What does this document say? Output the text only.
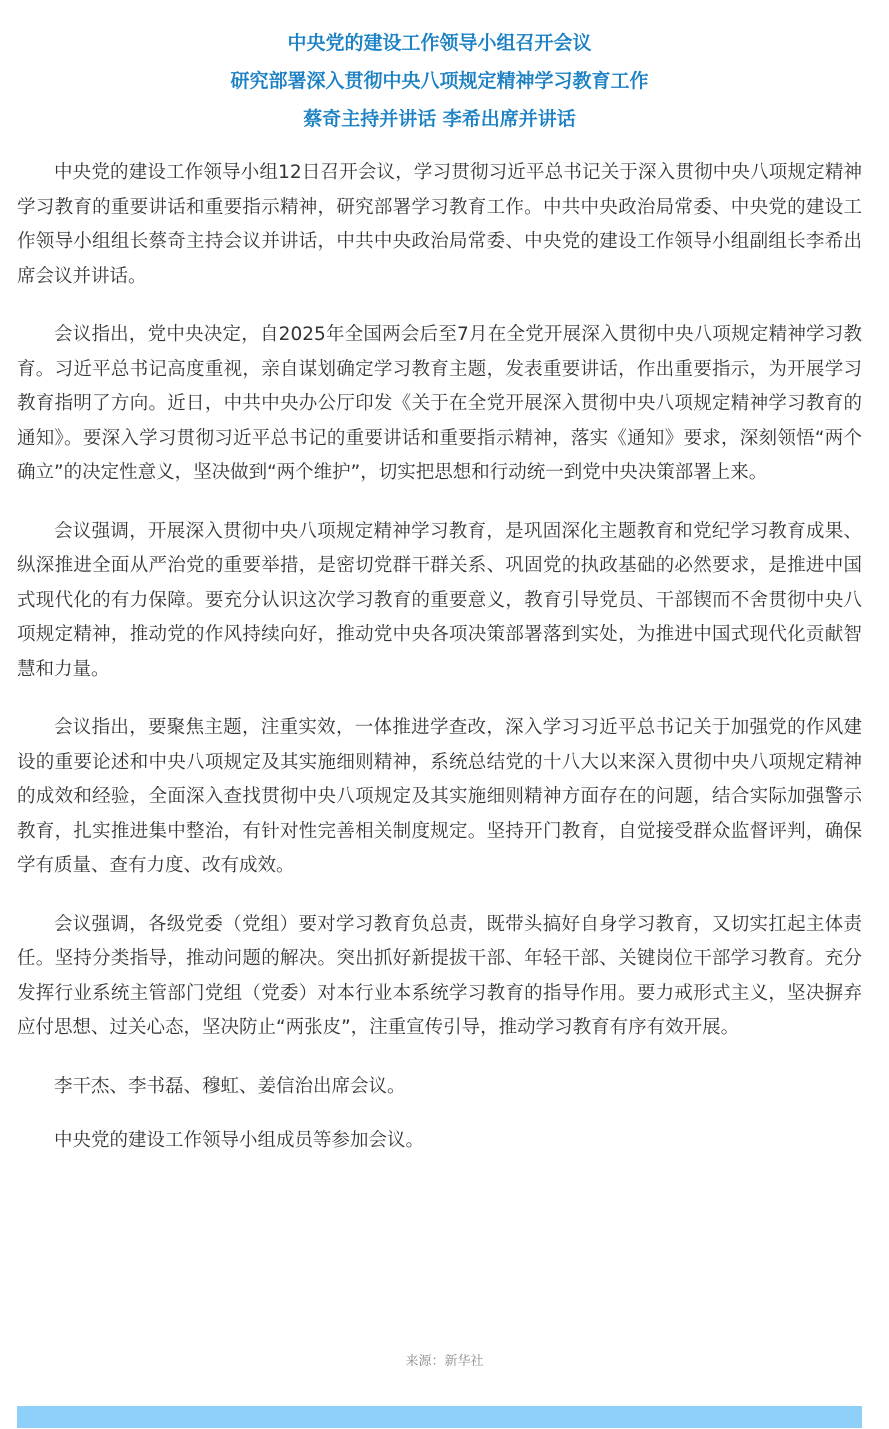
中央党的建设工作领导小组召开会议

研究部署深入贯彻中央八项规定精神学习教育工作

蔡奇主持并讲话 李希出席并讲话

中央党的建设工作领导小组12日召开会议，学习贯彻习近平总书记关于深入贯彻中央八项规定精神学习教育的重要讲话和重要指示精神，研究部署学习教育工作。中共中央政治局常委、中央党的建设工作领导小组组长蔡奇主持会议并讲话，中共中央政治局常委、中央党的建设工作领导小组副组长李希出席会议并讲话。

会议指出，党中央决定，自2025年全国两会后至7月在全党开展深入贯彻中央八项规定精神学习教育。习近平总书记高度重视，亲自谋划确定学习教育主题，发表重要讲话，作出重要指示，为开展学习教育指明了方向。近日，中共中央办公厅印发《关于在全党开展深入贯彻中央八项规定精神学习教育的通知》。要深入学习贯彻习近平总书记的重要讲话和重要指示精神，落实《通知》要求，深刻领悟“两个确立”的决定性意义，坚决做到“两个维护”，切实把思想和行动统一到党中央决策部署上来。

会议强调，开展深入贯彻中央八项规定精神学习教育，是巩固深化主题教育和党纪学习教育成果、纵深推进全面从严治党的重要举措，是密切党群干群关系、巩固党的执政基础的必然要求，是推进中国式现代化的有力保障。要充分认识这次学习教育的重要意义，教育引导党员、干部锲而不舍贯彻中央八项规定精神，推动党的作风持续向好，推动党中央各项决策部署落到实处，为推进中国式现代化贡献智慧和力量。

会议指出，要聚焦主题，注重实效，一体推进学查改，深入学习习近平总书记关于加强党的作风建设的重要论述和中央八项规定及其实施细则精神，系统总结党的十八大以来深入贯彻中央八项规定精神的成效和经验，全面深入查找贯彻中央八项规定及其实施细则精神方面存在的问题，结合实际加强警示教育，扎实推进集中整治，有针对性完善相关制度规定。坚持开门教育，自觉接受群众监督评判，确保学有质量、查有力度、改有成效。

会议强调，各级党委（党组）要对学习教育负总责，既带头搞好自身学习教育，又切实扛起主体责任。坚持分类指导，推动问题的解决。突出抓好新提拔干部、年轻干部、关键岗位干部学习教育。充分发挥行业系统主管部门党组（党委）对本行业本系统学习教育的指导作用。要力戒形式主义，坚决摒弃应付思想、过关心态，坚决防止“两张皮”，注重宣传引导，推动学习教育有序有效开展。

李干杰、李书磊、穆虹、姜信治出席会议。

中央党的建设工作领导小组成员等参加会议。

来源：新华社
